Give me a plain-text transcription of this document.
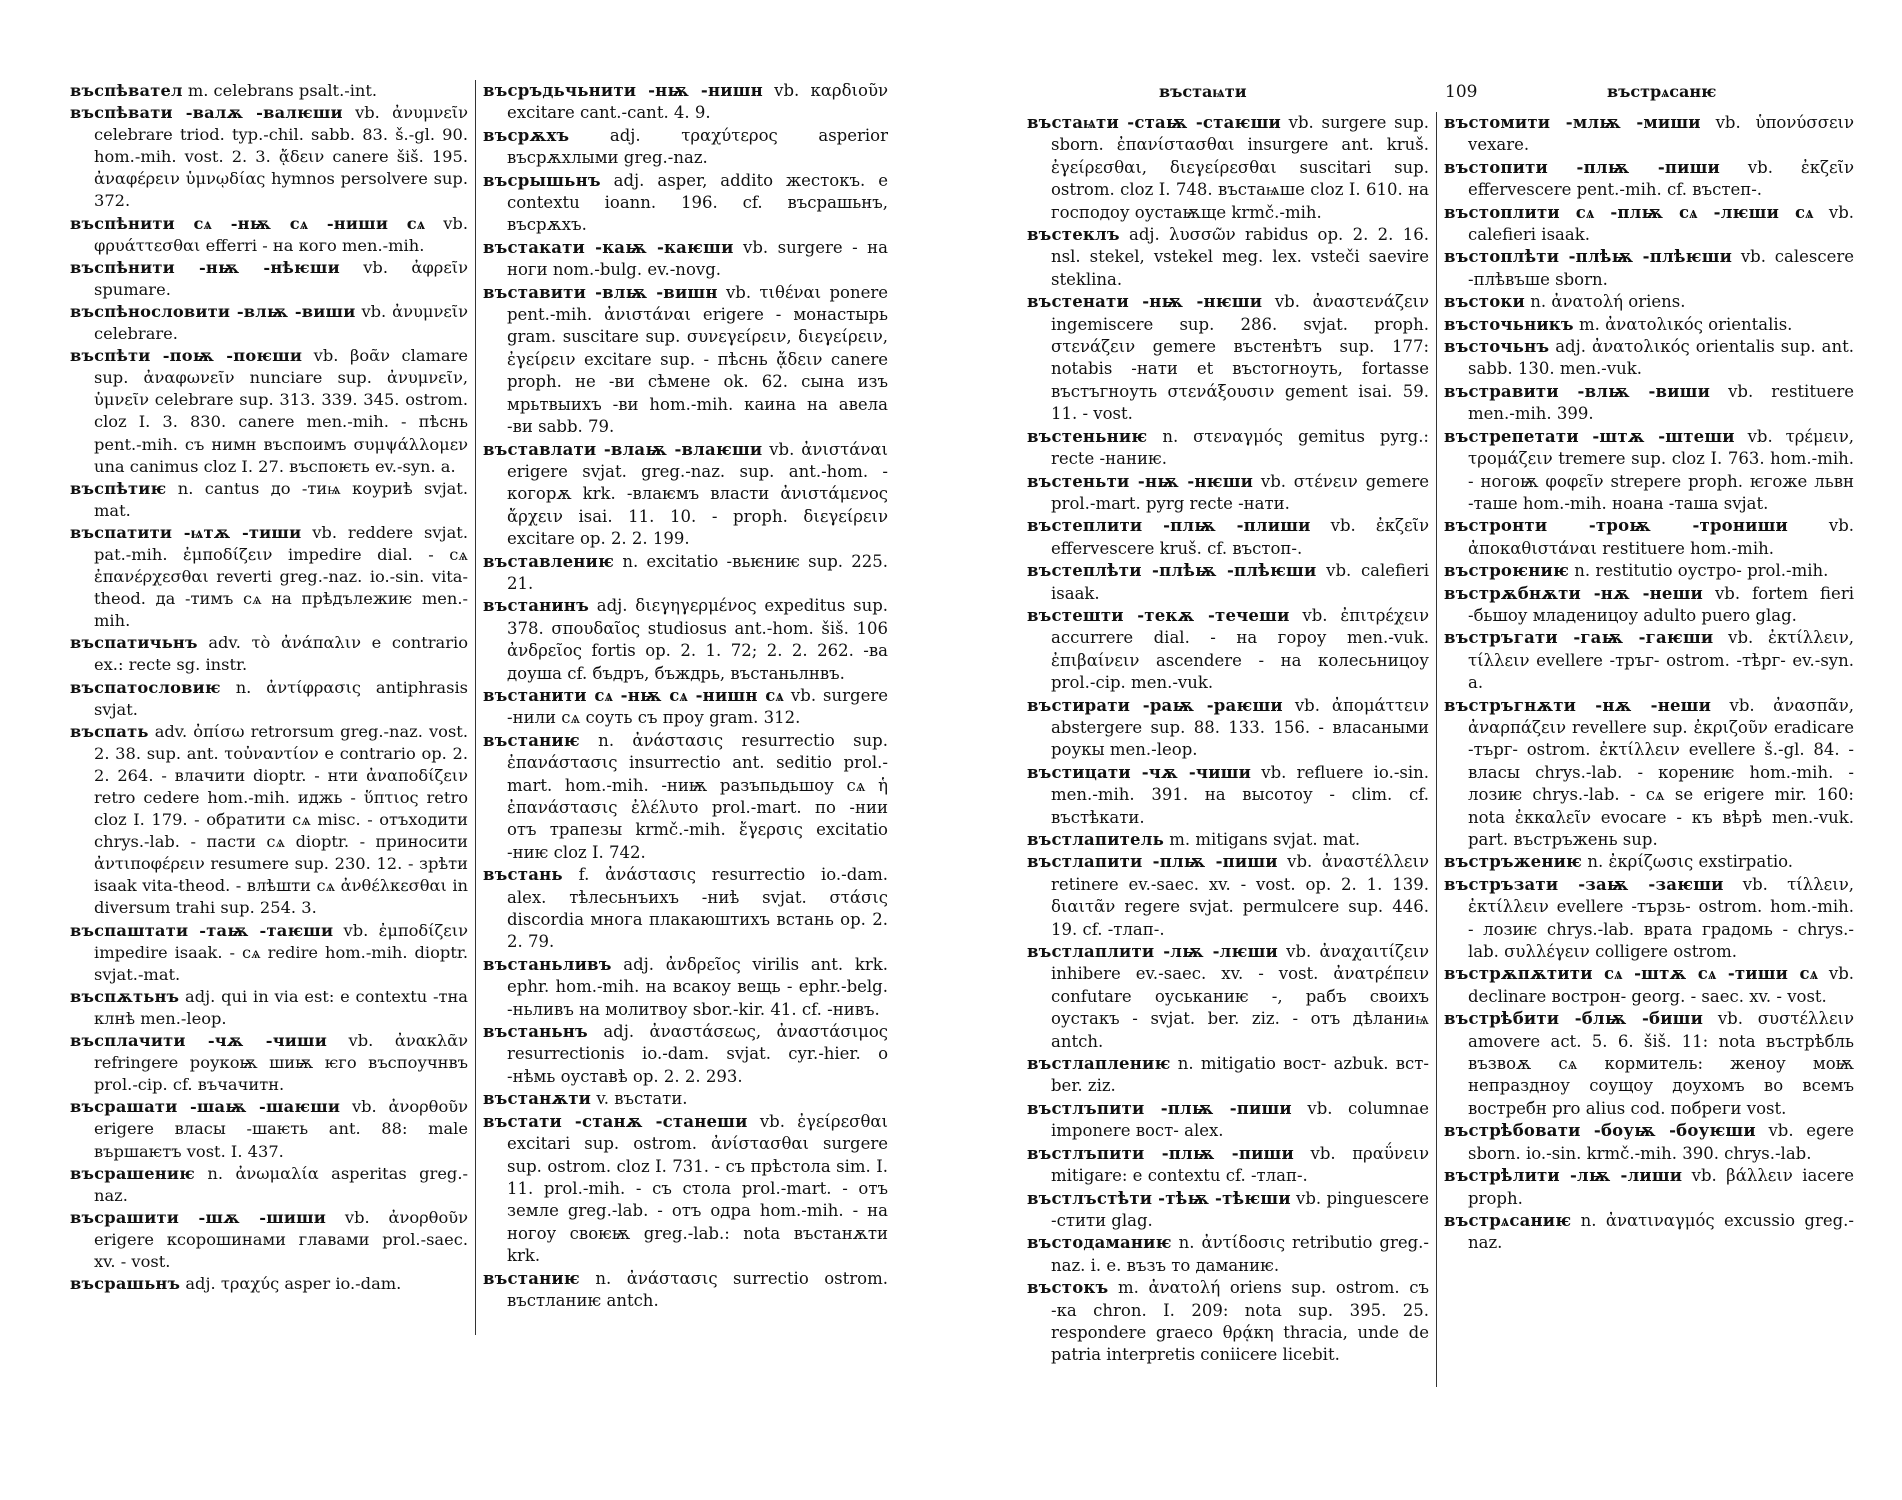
въспѣвател m. celebrans psalt.-int.

въспѣвати -валѫ -валѥши vb. ἀνυμνεῖν celebrare triod. typ.-chil. sabb. 83. š.-gl. 90. hom.-mih. vost. 2. 3. ᾄδειν canere šiš. 195. ἀναφέρειν ὑμνῳδίας hymnos persolvere sup. 372.

въспѣнити сѧ -нѭ сѧ -ниши сѧ vb. φρυάττεσθαι efferri - на кого men.-mih.

въспѣнити -нѭ -нѣѥши vb. ἀφρεῖν spumare.

въспѣнословити -влѭ -виши vb. ἀνυμνεῖν celebrare.

въспѣти -поѭ -поѥши vb. βοᾶν clamare sup. ἀναφωνεῖν nunciare sup. ἀνυμνεῖν, ὑμνεῖν celebrare sup. 313. 339. 345. ostrom. cloz I. 3. 830. canere men.-mih. - пѣснь pent.-mih. съ нимн въспоимъ συμψάλλομεν una canimus cloz I. 27. въспоѥть ev.-syn. a.

въспѣтиѥ n. cantus до -тиѩ коуриѣ svjat. mat.

въспатити -ѩтѫ -тиши vb. reddere svjat. pat.-mih. ἐμποδίζειν impedire dial. - сѧ ἐπανέρχεσθαι reverti greg.-naz. io.-sin. vita-theod. да -тимъ сѧ на прѣдълежиѥ men.-mih.

въспатичьнъ adv. τὸ ἀνάπαλιν e contrario ex.: recte sg. instr.

въспатословиѥ n. ἀντίφρασις antiphrasis svjat.

въспать adv. ὀπίσω retrorsum greg.-naz. vost. 2. 38. sup. ant. τοὐναντίον e contrario op. 2. 2. 264. - влачити dioptr. - нти ἀναποδίζειν retro cedere hom.-mih. иджь - ὕπτιος retro cloz I. 179. - обратити сѧ misc. - отъходити chrys.-lab. - пасти сѧ dioptr. - приносити ἀντιποφέρειν resumere sup. 230. 12. - зрѣти isaak vita-theod. - влѣшти сѧ ἀνθέλκεσθαι in diversum trahi sup. 254. 3.

въспаштати -таѭ -таѥши vb. ἐμποδίζειν impedire isaak. - сѧ redire hom.-mih. dioptr. svjat.-mat.

въспѫтьнъ adj. qui in via est: e contextu -тна клнѣ men.-leop.

въсплачити -чѫ -чиши vb. ἀνακλᾶν refringere роукоѭ шиѭ ѥго въспоучнвъ prol.-cip. cf. въчачитн.

въсрашати -шаѭ -шаѥши vb. ἀνορθοῦν erigere власы -шаѥть ant. 88: male вършаѥтъ vost. I. 437.

въсрашениѥ n. ἀνωμαλία asperitas greg.-naz.

въсрашити -шѫ -шиши vb. ἀνορθοῦν erigere ксорошинами главами prol.-saec. xv. - vost.

въсрашьнъ adj. τραχύς asper io.-dam.

въсръдьчьнити -нѭ -нишн vb. καρδιοῦν excitare cant.-cant. 4. 9.

въсрѫхъ adj. τραχύτερος asperior въсрѫхлыми greg.-naz.

въсрышьнъ adj. asper, addito жестокъ. e contextu ioann. 196. cf. въсрашьнъ, въсрѫхъ.

въстакати -каѭ -каѥши vb. surgere - на ноги nom.-bulg. ev.-novg.

въставити -влѭ -вишн vb. τιθέναι ponere pent.-mih. ἀνιστάναι erigere - монастырь gram. suscitare sup. συνεγείρειν, διεγείρειν, ἐγείρειν excitare sup. - пѣснь ᾄδειν canere proph. не -ви сѣмене ok. 62. сына изъ мрьтвыихъ -ви hom.-mih. каина на авела -ви sabb. 79.

въставлати -влаѭ -влаѥши vb. ἀνιστάναι erigere svjat. greg.-naz. sup. ant.-hom. - когорѫ krk. -влаѥмъ власти ἀνιστάμενος ἄρχειν isai. 11. 10. - proph. διεγείρειν excitare op. 2. 2. 199.

въставлениѥ n. excitatio -вьѥниѥ sup. 225. 21.

въстанинъ adj. διεγηγερμένος expeditus sup. 378. σπουδαῖος studiosus ant.-hom. šiš. 106 ἀνδρεῖος fortis op. 2. 1. 72; 2. 2. 262. -ва доуша cf. бъдръ, бъждрь, въстаньлнвъ.

въстанити сѧ -нѭ сѧ -нишн сѧ vb. surgere -нили сѧ соуть съ проу gram. 312.

въстаниѥ n. ἀνάστασις resurrectio sup. ἐπανάστασις insurrectio ant. seditio prol.-mart. hom.-mih. -ниѭ разъпьдьшоу сѧ ἡ ἐπανάστασις ἐλέλυτο prol.-mart. по -нии отъ трапезы krmč.-mih. ἔγερσις excitatio -ниѥ cloz I. 742.

въстань f. ἀνάστασις resurrectio io.-dam. alex. тѣлесьнъихъ -ниѣ svjat. στάσις discordia многа плакаюштихъ встань op. 2. 2. 79.

въстаньливъ adj. ἀνδρεῖος virilis ant. krk. ephr. hom.-mih. на всакоу вещь - ephr.-belg. -ньливъ на молитвоу sbor.-kir. 41. cf. -нивъ.

въстаньнъ adj. ἀναστάσεως, ἀναστάσιμος resurrectionis io.-dam. svjat. cyr.-hier. о -нѣмь оуставѣ op. 2. 2. 293.

въстанѫти v. въстати.

въстати -станѫ -станеши vb. ἐγείρεσθαι excitari sup. ostrom. ἀνίστασθαι surgere sup. ostrom. cloz I. 731. - съ прѣстола sim. I. 11. prol.-mih. - съ стола prol.-mart. - отъ земле greg.-lab. - отъ одра hom.-mih. - на ногоу своѥѭ greg.-lab.: nota въстанѫти krk.

въстаниѥ n. ἀνάστασις surrectio ostrom. въстланиѥ antch.

въстаѩти	109	въстрѧсанѥ

въстаѩти -стаѭ -стаѥши vb. surgere sup. sborn. ἐπανίστασθαι insurgere ant. kruš. ἐγείρεσθαι, διεγείρεσθαι suscitari sup. ostrom. cloz I. 748. въстаѩше cloz I. 610. на господоу оустаѭще krmč.-mih.

въстеклъ adj. λυσσῶν rabidus op. 2. 2. 16. nsl. stekel, vstekel meg. lex. vsteči saevire steklina.

въстенати -нѭ -нѥши vb. ἀναστενάζειν ingemiscere sup. 286. svjat. proph. στενάζειν gemere въстенѣтъ sup. 177: notabis -нати et въстогноуть, fortasse въстъгноуть στενάξουσιν gement isai. 59. 11. - vost.

въстеньниѥ n. στεναγμός gemitus pyrg.: recte -наниѥ.

въстеньти -нѭ -нѥши vb. στένειν gemere prol.-mart. pyrg recte -нати.

въстеплити -плѭ -плиши vb. ἐκζεῖν effervescere kruš. cf. въстоп-.

въстеплѣти -плѣѭ -плѣѥши vb. calefieri isaak.

въстешти -текѫ -течеши vb. ἐπιτρέχειν accurrere dial. - на гороу men.-vuk. ἐπιβαίνειν ascendere - на колесьницоу prol.-cip. men.-vuk.

въстирати -раѭ -раѥши vb. ἀπομάττειν abstergere sup. 88. 133. 156. - власаными роукы men.-leop.

въстицати -чѫ -чиши vb. refluere io.-sin. men.-mih. 391. на высотоу - clim. cf. въстѣкати.

въстлапитель m. mitigans svjat. mat.

въстлапити -плѭ -пиши vb. ἀναστέλλειν retinere ev.-saec. xv. - vost. op. 2. 1. 139. διαιτᾶν regere svjat. permulcere sup. 446. 19. cf. -тлап-.

въстлаплити -лѭ -лѥши vb. ἀναχαιτίζειν inhibere ev.-saec. xv. - vost. ἀνατρέπειν confutare оуськаниѥ -, рабъ своихъ оустакъ - svjat. ber. ziz. - отъ дѣланиѩ antch.

въстлаплениѥ n. mitigatio вост- azbuk. вст- ber. ziz.

въстлъпити -плѭ -пиши vb. columnae imponere вост- alex.

въстлъпити -плѭ -пиши vb. πραΰνειν mitigare: e contextu cf. -тлап-.

въстлъстѣти -тѣѭ -тѣѥши vb. pinguescere -стити glag.

въстодаманиѥ n. ἀντίδοσις retributio greg.-naz. i. e. възъ то даманиѥ.

въстокъ m. ἀνατολή oriens sup. ostrom. съ -ка chron. I. 209: nota sup. 395. 25. respondere graeco θρᾴκη thracia, unde de patria interpretis coniicere licebit.

въстомити -млѭ -миши vb. ὑπονύσσειν vexare.

въстопити -плѭ -пиши vb. ἐκζεῖν effervescere pent.-mih. cf. въстеп-.

въстоплити сѧ -плѭ сѧ -лѥши сѧ vb. calefieri isaak.

въстоплѣти -плѣѭ -плѣѥши vb. calescere -плѣвъше sborn.

въстоки n. ἀνατολή oriens.

въсточьникъ m. ἀνατολικός orientalis.

въсточьнъ adj. ἀνατολικός orientalis sup. ant. sabb. 130. men.-vuk.

въстравити -влѭ -виши vb. restituere men.-mih. 399.

въстрепетати -штѫ -штеши vb. τρέμειν, τρομάζειν tremere sup. cloz I. 763. hom.-mih. - ногоѭ φοφεῖν strepere proph. ѥгоже львн -таше hom.-mih. ноана -таша svjat.

въстронти -троѭ -трониши vb. ἀποκαθιστάναι restituere hom.-mih.

въстроѥниѥ n. restitutio оустро- prol.-mih.

въстрѫбнѫти -нѫ -неши vb. fortem fieri -бьшоу младеницоу adulto puero glag.

въстръгати -гаѭ -гаѥши vb. ἐκτίλλειν, τίλλειν evellere -тръг- ostrom. -тѣрг- ev.-syn. a.

въстръгнѫти -нѫ -неши vb. ἀνασπᾶν, ἀναρπάζειν revellere sup. ἐκριζοῦν eradicare -търг- ostrom. ἐκτίλλειν evellere š.-gl. 84. - власы chrys.-lab. - корениѥ hom.-mih. - лозиѥ chrys.-lab. - сѧ se erigere mir. 160: nota ἐκκαλεῖν evocare - къ вѣрѣ men.-vuk. part. въстръжень sup.

въстръжениѥ n. ἐκρίζωσις exstirpatio.

въстръзати -заѭ -заѥши vb. τίλλειν, ἐκτίλλειν evellere -тързь- ostrom. hom.-mih. - лозиѥ chrys.-lab. врата градомь - chrys.-lab. συλλέγειν colligere ostrom.

въстрѫпѫтити сѧ -штѫ сѧ -тиши сѧ vb. declinare вострон- georg. - saec. xv. - vost.

въстрѣбити -блѭ -биши vb. συστέλλειν amovere act. 5. 6. šiš. 11: nota въстрѣбль възвоѫ сѧ кормитель: женоу моѭ непраздноу соущоу доухомъ во всемъ востребн pro alius cod. побреги vost.

въстрѣбовати -боуѭ -боуѥши vb. egere sborn. io.-sin. krmč.-mih. 390. chrys.-lab.

въстрѣлити -лѭ -лиши vb. βάλλειν iacere proph.

въстрѧсаниѥ n. ἀνατιναγμός excussio greg.-naz.
